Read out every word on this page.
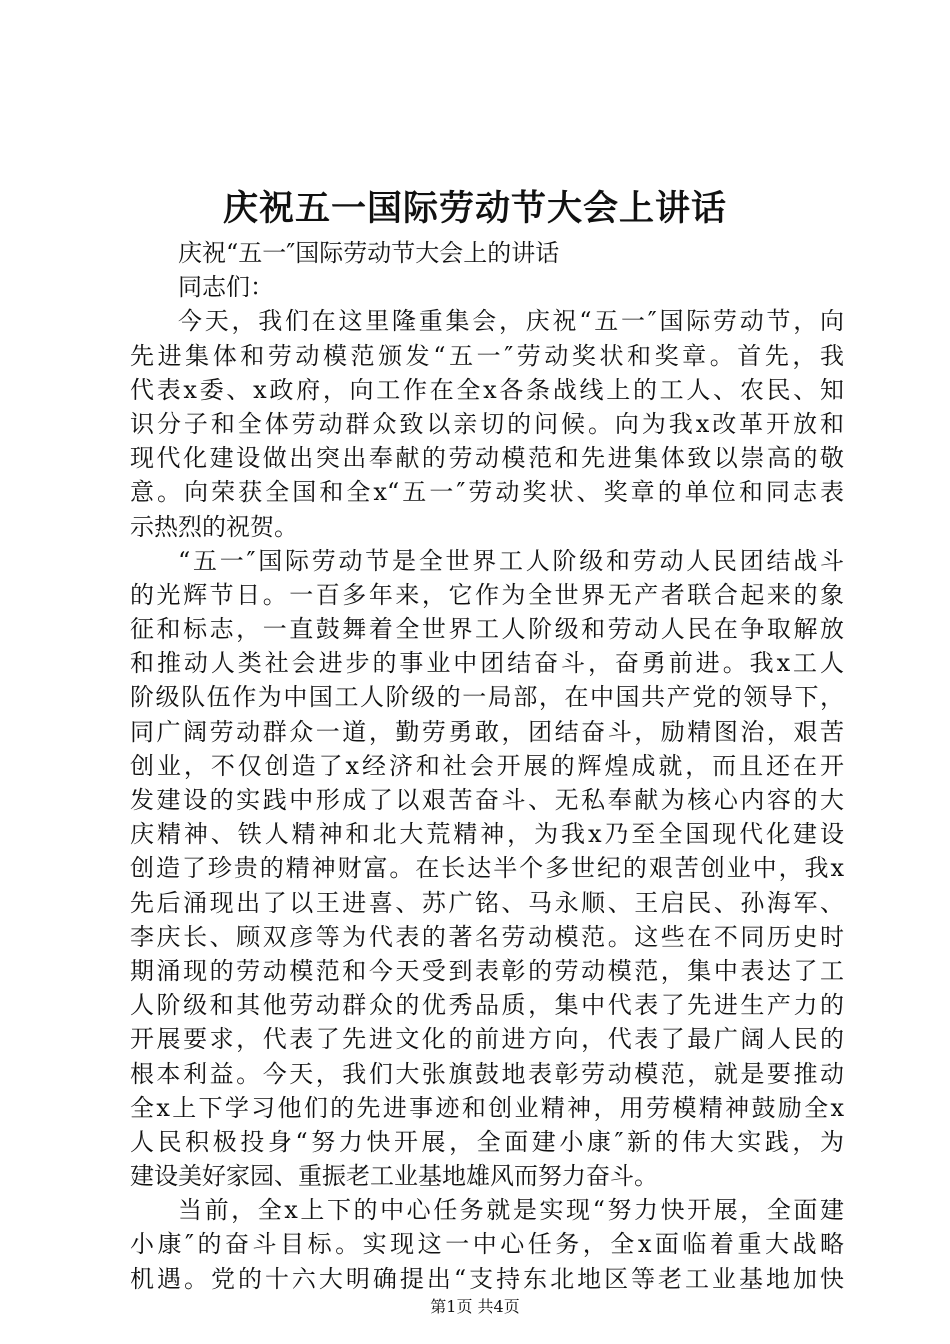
庆祝五一国际劳动节大会上讲话
庆祝“五一″国际劳动节大会上的讲话
同志们：
今天，我们在这里隆重集会，庆祝“五一″国际劳动节，向
先进集体和劳动模范颁发“五一″劳动奖状和奖章。首先，我
代表x委、x政府，向工作在全x各条战线上的工人、农民、知
识分子和全体劳动群众致以亲切的问候。向为我x改革开放和
现代化建设做出突出奉献的劳动模范和先进集体致以崇高的敬
意。向荣获全国和全x“五一″劳动奖状、奖章的单位和同志表
示热烈的祝贺。
“五一″国际劳动节是全世界工人阶级和劳动人民团结战斗
的光辉节日。一百多年来，它作为全世界无产者联合起来的象
征和标志，一直鼓舞着全世界工人阶级和劳动人民在争取解放
和推动人类社会进步的事业中团结奋斗，奋勇前进。我x工人
阶级队伍作为中国工人阶级的一局部，在中国共产党的领导下，
同广阔劳动群众一道，勤劳勇敢，团结奋斗，励精图治，艰苦
创业，不仅创造了x经济和社会开展的辉煌成就，而且还在开
发建设的实践中形成了以艰苦奋斗、无私奉献为核心内容的大
庆精神、铁人精神和北大荒精神，为我x乃至全国现代化建设
创造了珍贵的精神财富。在长达半个多世纪的艰苦创业中，我x
先后涌现出了以王进喜、苏广铭、马永顺、王启民、孙海军、
李庆长、顾双彦等为代表的著名劳动模范。这些在不同历史时
期涌现的劳动模范和今天受到表彰的劳动模范，集中表达了工
人阶级和其他劳动群众的优秀品质，集中代表了先进生产力的
开展要求，代表了先进文化的前进方向，代表了最广阔人民的
根本利益。今天，我们大张旗鼓地表彰劳动模范，就是要推动
全x上下学习他们的先进事迹和创业精神，用劳模精神鼓励全x
人民积极投身“努力快开展，全面建小康″新的伟大实践，为
建设美好家园、重振老工业基地雄风而努力奋斗。
当前，全x上下的中心任务就是实现“努力快开展，全面建
小康″的奋斗目标。实现这一中心任务，全x面临着重大战略
机遇。党的十六大明确提出“支持东北地区等老工业基地加快
第1页 共4页
